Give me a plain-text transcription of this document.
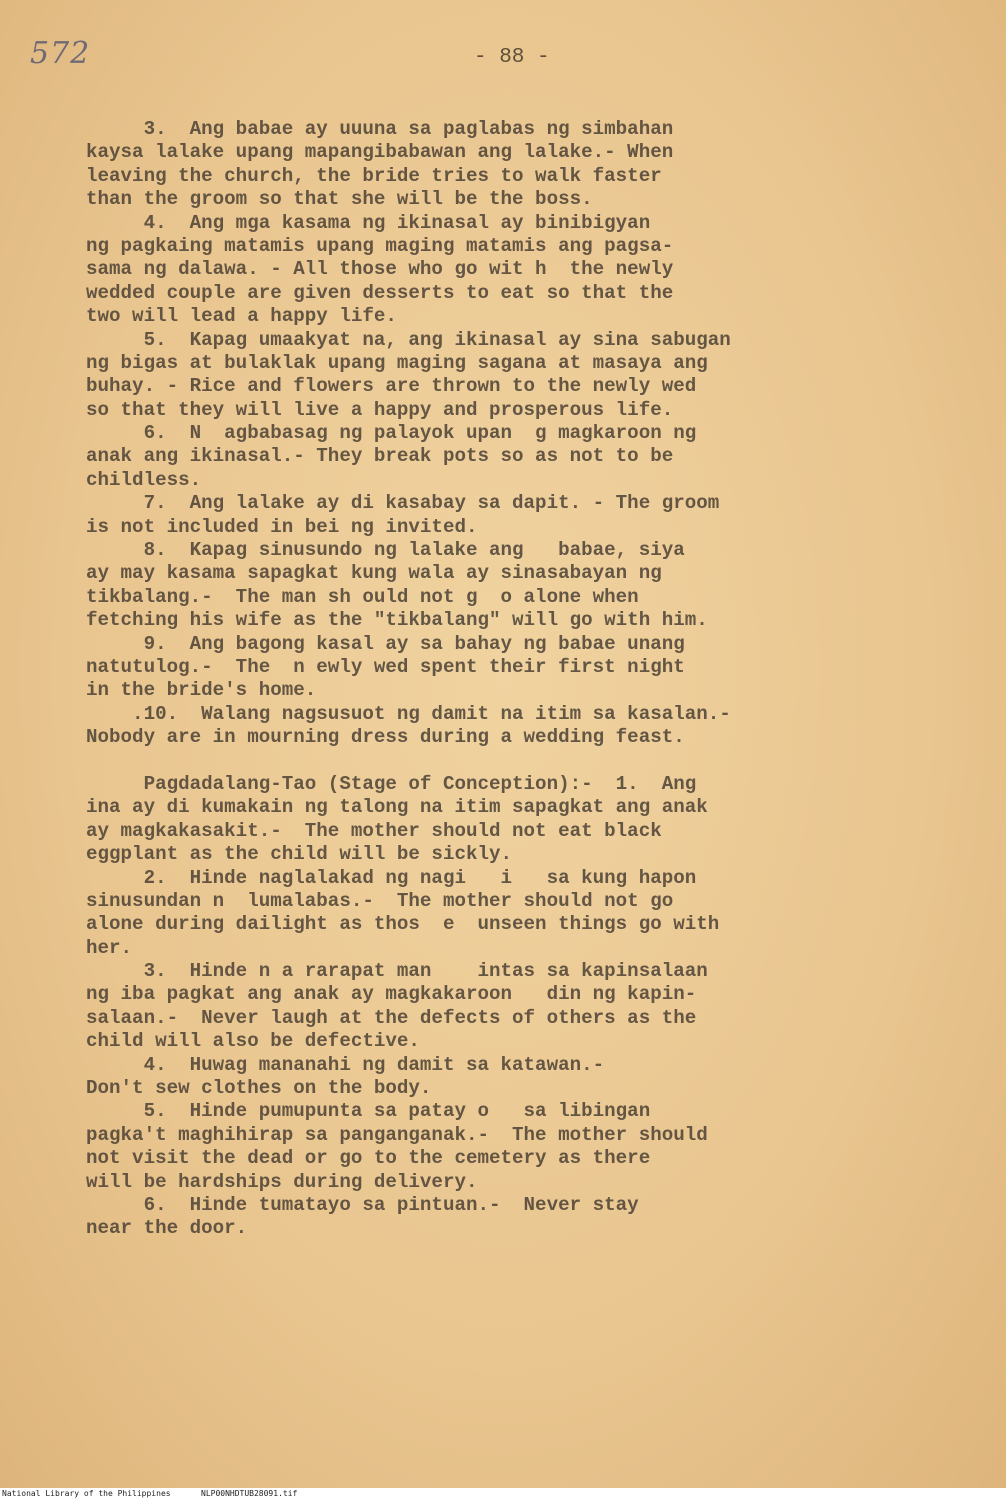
572	- 88 -
3.  Ang babae ay uuuna sa paglabas ng simbahan
kaysa lalake upang mapangibabawan ang lalake.- When
leaving the church, the bride tries to walk faster
than the groom so that she will be the boss.
4.  Ang mga kasama ng ikinasal ay binibigyan
ng pagkaing matamis upang maging matamis ang pagsa-
sama ng dalawa. - All those who go wit h  the newly
wedded couple are given desserts to eat so that the
two will lead a happy life.
5.  Kapag umaakyat na, ang ikinasal ay sina sabugan
ng bigas at bulaklak upang maging sagana at masaya ang
buhay. - Rice and flowers are thrown to the newly wed
so that they will live a happy and prosperous life.
6.  N  agbabasag ng palayok upan  g magkaroon ng
anak ang ikinasal.- They break pots so as not to be
childless.
7.  Ang lalake ay di kasabay sa dapit. - The groom
is not included in bei ng invited.
8.  Kapag sinusundo ng lalake ang   babae, siya
ay may kasama sapagkat kung wala ay sinasabayan ng
tikbalang.-  The man sh ould not g  o alone when
fetching his wife as the "tikbalang" will go with him.
9.  Ang bagong kasal ay sa bahay ng babae unang
natutulog.-  The  n ewly wed spent their first night
in the bride's home.
.10.  Walang nagsusuot ng damit na itim sa kasalan.-
Nobody are in mourning dress during a wedding feast.
Pagdadalang-Tao (Stage of Conception):-  1.  Ang
ina ay di kumakain ng talong na itim sapagkat ang anak
ay magkakasakit.-  The mother should not eat black
eggplant as the child will be sickly.
2.  Hinde naglalakad ng nagi   i   sa kung hapon
sinusundan n  lumalabas.-  The mother should not go
alone during dailight as thos  e  unseen things go with
her.
3.  Hinde n a rarapat man    intas sa kapinsalaan
ng iba pagkat ang anak ay magkakaroon   din ng kapin-
salaan.-  Never laugh at the defects of others as the
child will also be defective.
4.  Huwag mananahi ng damit sa katawan.-
Don't sew clothes on the body.
5.  Hinde pumupunta sa patay o   sa libingan
pagka't maghihirap sa panganganak.-  The mother should
not visit the dead or go to the cemetery as there
will be hardships during delivery.
6.  Hinde tumatayo sa pintuan.-  Never stay
near the door.
National Library of the Philippines	NLP00NHDTUB28091.tif
